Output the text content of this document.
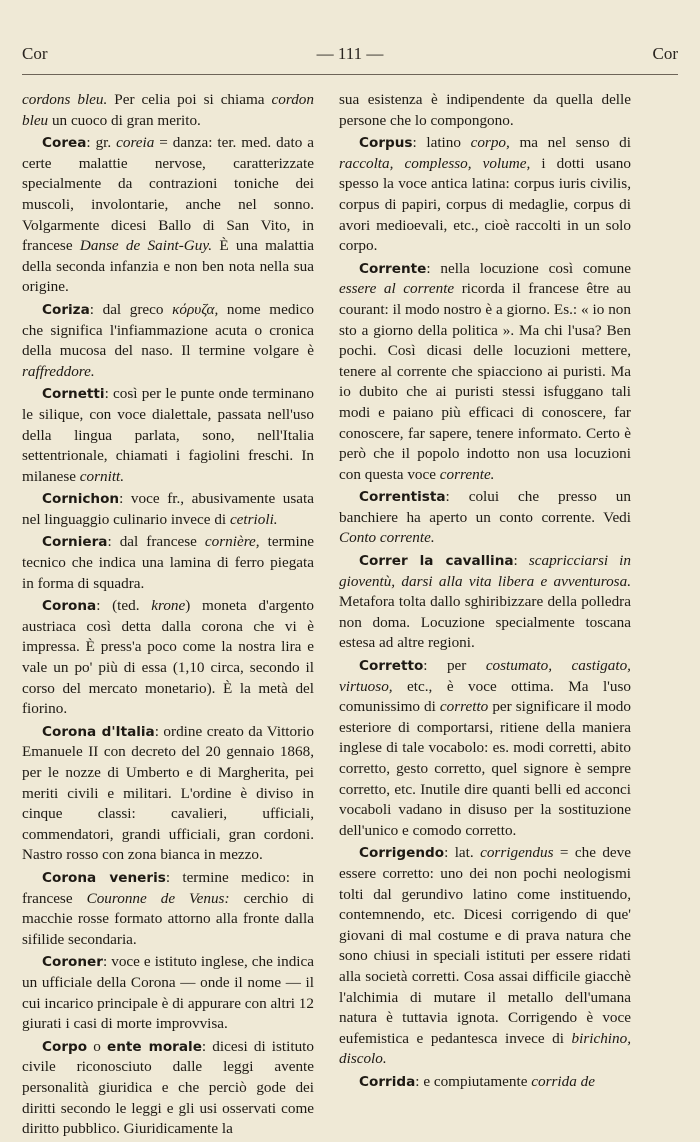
Cor	— 111 —	Cor

cordons bleu. Per celia poi si chiama cordon bleu un cuoco di gran merito.

Corea: gr. coreia = danza: ter. med. dato a certe malattie nervose, caratterizzate specialmente da contrazioni toniche dei muscoli, involontarie, anche nel sonno. Volgarmente dicesi Ballo di San Vito, in francese Danse de Saint-Guy. È una malattia della seconda infanzia e non ben nota nella sua origine.

Coriza: dal greco κόρυζα, nome medico che significa l'infiammazione acuta o cronica della mucosa del naso. Il termine volgare è raffreddore.

Cornetti: così per le punte onde terminano le silique, con voce dialettale, passata nell'uso della lingua parlata, sono, nell'Italia settentrionale, chiamati i fagiolini freschi. In milanese cornitt.

Cornichon: voce fr., abusivamente usata nel linguaggio culinario invece di cetrioli.

Corniera: dal francese cornière, termine tecnico che indica una lamina di ferro piegata in forma di squadra.

Corona: (ted. krone) moneta d'argento austriaca così detta dalla corona che vi è impressa. È press'a poco come la nostra lira e vale un po' più di essa (1,10 circa, secondo il corso del mercato monetario). È la metà del fiorino.

Corona d'Italia: ordine creato da Vittorio Emanuele II con decreto del 20 gennaio 1868, per le nozze di Umberto e di Margherita, pei meriti civili e militari. L'ordine è diviso in cinque classi: cavalieri, ufficiali, commendatori, grandi ufficiali, gran cordoni. Nastro rosso con zona bianca in mezzo.

Corona veneris: termine medico: in francese Couronne de Venus: cerchio di macchie rosse formato attorno alla fronte dalla sifilide secondaria.

Coroner: voce e istituto inglese, che indica un ufficiale della Corona — onde il nome — il cui incarico principale è di appurare con altri 12 giurati i casi di morte improvvisa.

Corpo o ente morale: dicesi di istituto civile riconosciuto dalle leggi avente personalità giuridica e che perciò gode dei diritti secondo le leggi e gli usi osservati come diritto pubblico. Giuridicamente la

sua esistenza è indipendente da quella delle persone che lo compongono.

Corpus: latino corpo, ma nel senso di raccolta, complesso, volume, i dotti usano spesso la voce antica latina: corpus iuris civilis, corpus di papiri, corpus di medaglie, corpus di avori medioevali, etc., cioè raccolti in un solo corpo.

Corrente: nella locuzione così comune essere al corrente ricorda il francese être au courant: il modo nostro è a giorno. Es.: « io non sto a giorno della politica ». Ma chi l'usa? Ben pochi. Così dicasi delle locuzioni mettere, tenere al corrente che spiacciono ai puristi. Ma io dubito che ai puristi stessi isfuggano tali modi e paiano più efficaci di conoscere, far conoscere, far sapere, tenere informato. Certo è però che il popolo indotto non usa locuzioni con questa voce corrente.

Correntista: colui che presso un banchiere ha aperto un conto corrente. Vedi Conto corrente.

Correr la cavallina: scapricciarsi in gioventù, darsi alla vita libera e avventurosa. Metafora tolta dallo sghiribizzare della polledra non doma. Locuzione specialmente toscana estesa ad altre regioni.

Corretto: per costumato, castigato, virtuoso, etc., è voce ottima. Ma l'uso comunissimo di corretto per significare il modo esteriore di comportarsi, ritiene della maniera inglese di tale vocabolo: es. modi corretti, abito corretto, gesto corretto, quel signore è sempre corretto, etc. Inutile dire quanti belli ed acconci vocaboli vadano in disuso per la sostituzione dell'unico e comodo corretto.

Corrigendo: lat. corrigendus = che deve essere corretto: uno dei non pochi neologismi tolti dal gerundivo latino come instituendo, contemnendo, etc. Dicesi corrigendo di que' giovani di mal costume e di prava natura che sono chiusi in speciali istituti per essere ridati alla società corretti. Cosa assai difficile giacchè l'alchimia di mutare il metallo dell'umana natura è tuttavia ignota. Corrigendo è voce eufemistica e pedantesca invece di birichino, discolo.

Corrida: e compiutamente corrida de
